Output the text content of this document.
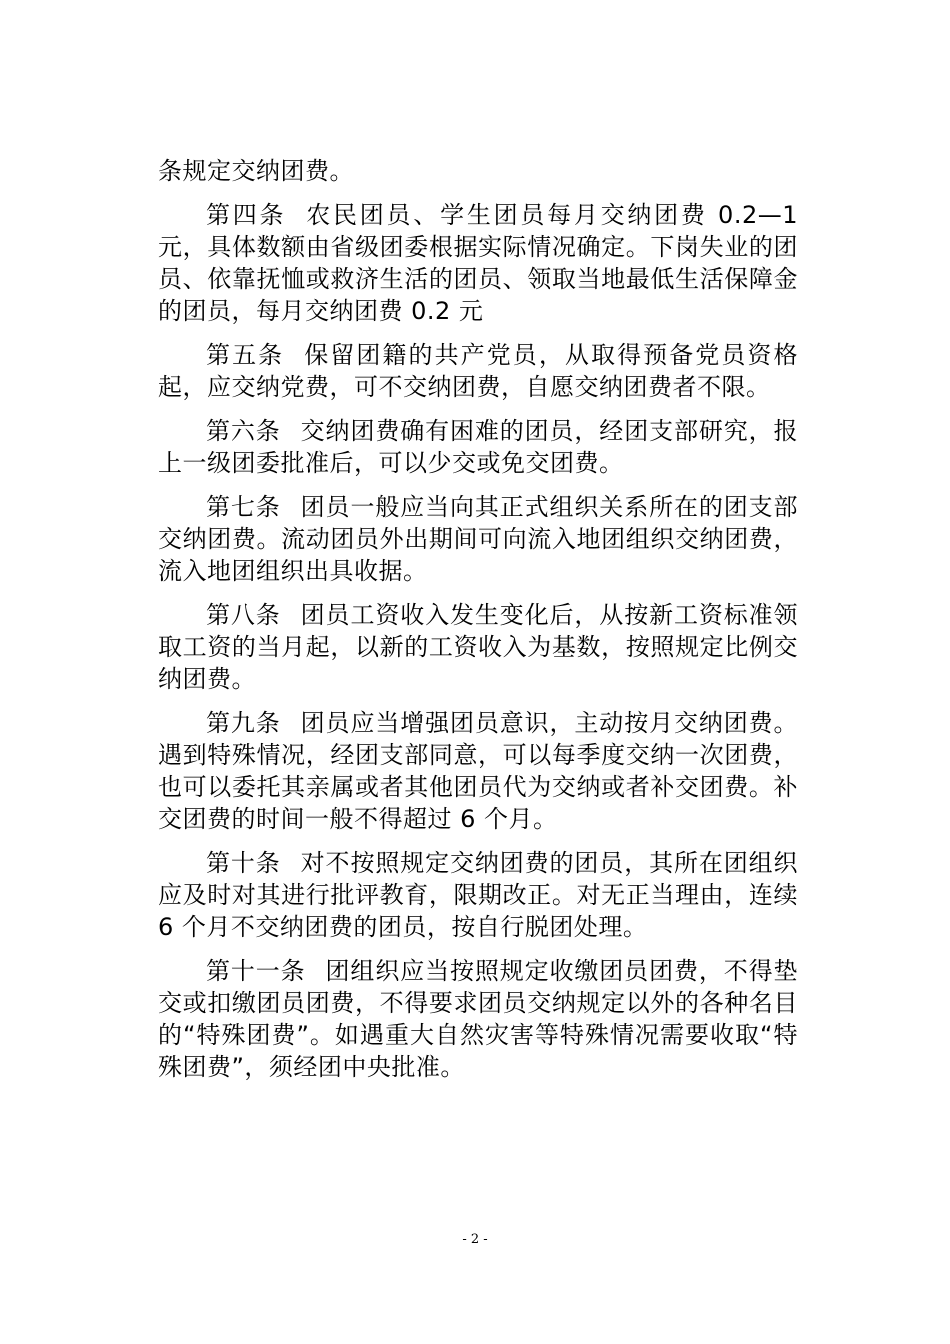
条规定交纳团费。

第四条 农民团员、学生团员每月交纳团费 0.2—1 元，具体数额由省级团委根据实际情况确定。下岗失业的团员、依靠抚恤或救济生活的团员、领取当地最低生活保障金的团员，每月交纳团费 0.2 元

第五条 保留团籍的共产党员，从取得预备党员资格起，应交纳党费，可不交纳团费，自愿交纳团费者不限。

第六条 交纳团费确有困难的团员，经团支部研究，报上一级团委批准后，可以少交或免交团费。

第七条 团员一般应当向其正式组织关系所在的团支部交纳团费。流动团员外出期间可向流入地团组织交纳团费，流入地团组织出具收据。

第八条 团员工资收入发生变化后，从按新工资标准领取工资的当月起，以新的工资收入为基数，按照规定比例交纳团费。

第九条 团员应当增强团员意识，主动按月交纳团费。遇到特殊情况，经团支部同意，可以每季度交纳一次团费，也可以委托其亲属或者其他团员代为交纳或者补交团费。补交团费的时间一般不得超过 6 个月。

第十条 对不按照规定交纳团费的团员，其所在团组织应及时对其进行批评教育，限期改正。对无正当理由，连续 6 个月不交纳团费的团员，按自行脱团处理。

第十一条 团组织应当按照规定收缴团员团费，不得垫交或扣缴团员团费，不得要求团员交纳规定以外的各种名目的“特殊团费”。如遇重大自然灾害等特殊情况需要收取“特殊团费”，须经团中央批准。

- 2 -
